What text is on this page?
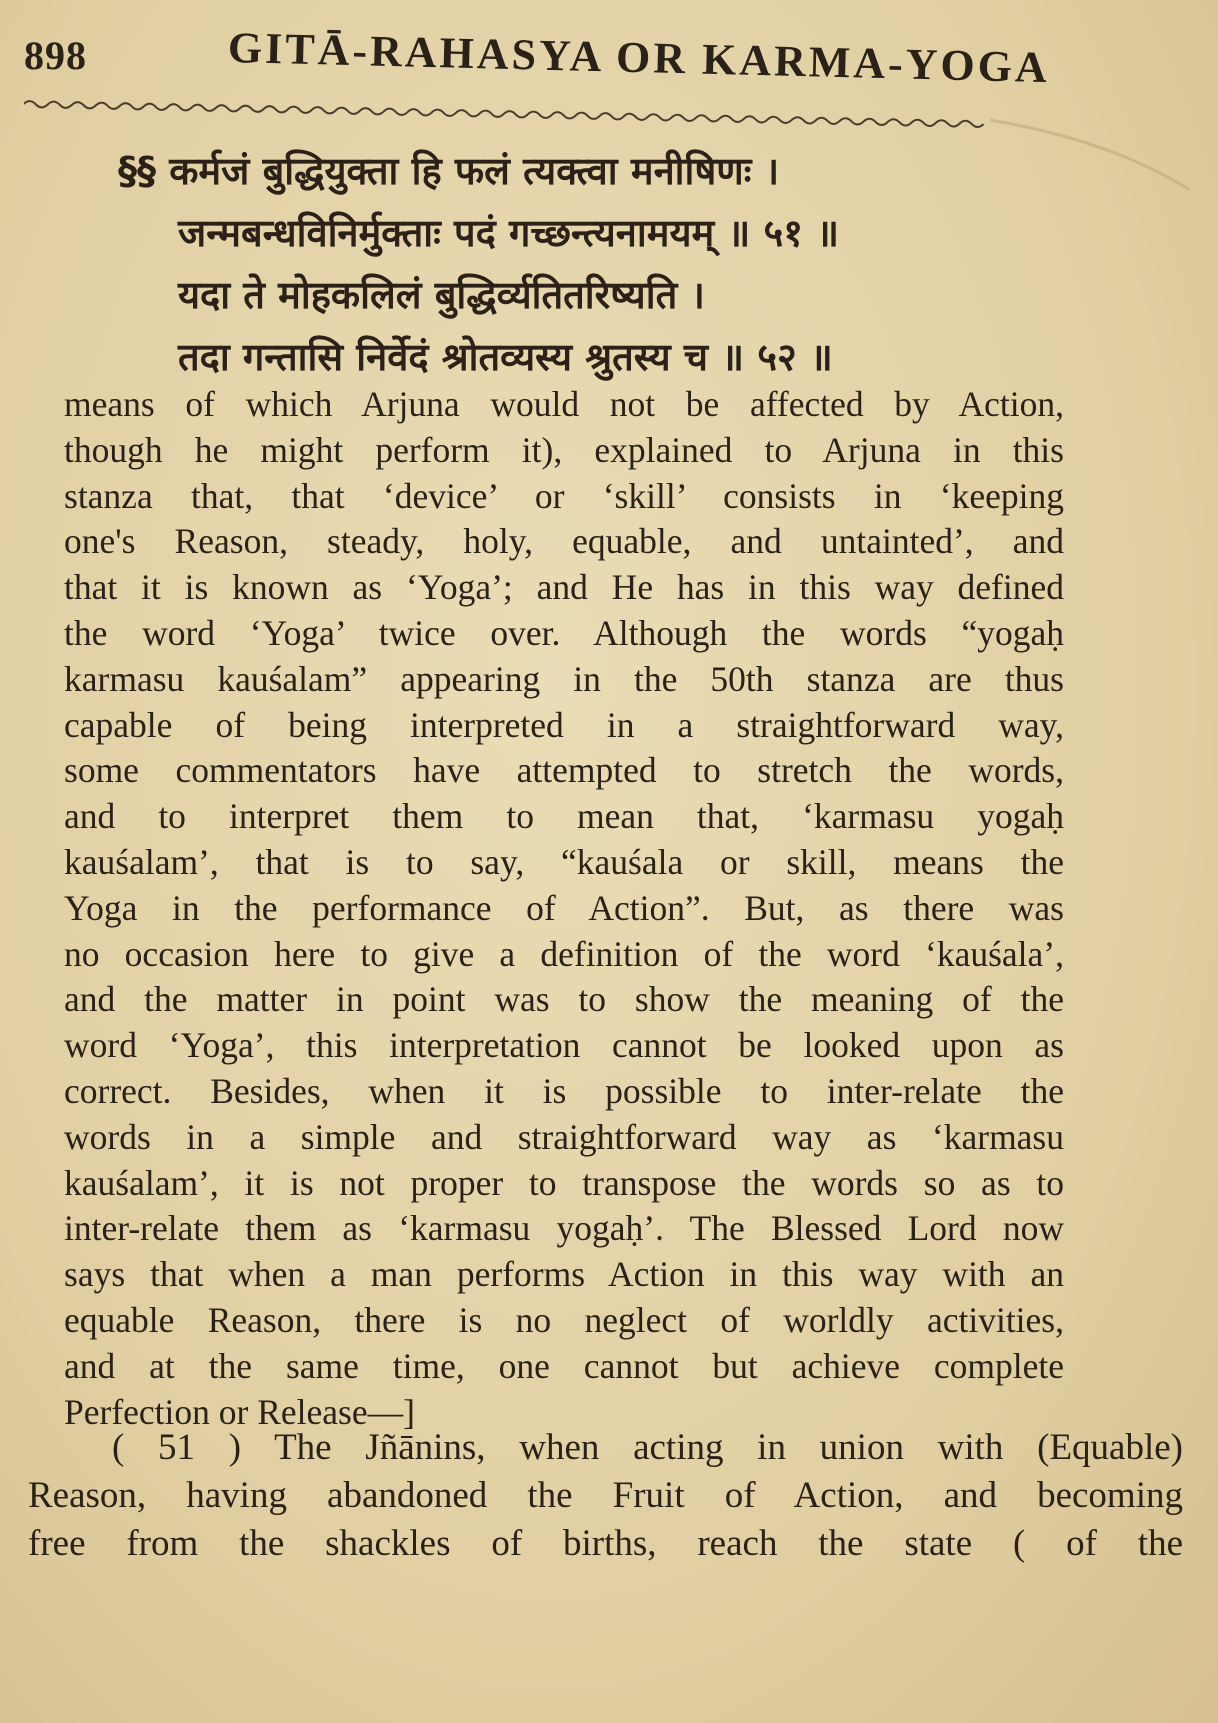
898	GITĀ-RAHASYA OR KARMA-YOGA
§§ कर्मजं बुद्धियुक्ता हि फलं त्यक्त्वा मनीषिणः ।
जन्मबन्धविनिर्मुक्ताः पदं गच्छन्त्यनामयम् ॥ ५१ ॥
यदा ते मोहकलिलं बुद्धिर्व्यतितरिष्यति ।
तदा गन्तासि निर्वेदं श्रोतव्यस्य श्रुतस्य च ॥ ५२ ॥
means of which Arjuna would not be affected by Action,
though he might perform it), explained to Arjuna in this
stanza that, that ‘device’ or ‘skill’ consists in ‘keeping
one's Reason, steady, holy, equable, and untainted’, and
that it is known as ‘Yoga’; and He has in this way defined
the word ‘Yoga’ twice over. Although the words “yogaḥ
karmasu kauśalam” appearing in the 50th stanza are thus
capable of being interpreted in a straightforward way,
some commentators have attempted to stretch the words,
and to interpret them to mean that, ‘karmasu yogaḥ
kauśalam’, that is to say, “kauśala or skill, means the
Yoga in the performance of Action”. But, as there was
no occasion here to give a definition of the word ‘kauśala’,
and the matter in point was to show the meaning of the
word ‘Yoga’, this interpretation cannot be looked upon as
correct. Besides, when it is possible to inter-relate the
words in a simple and straightforward way as ‘karmasu
kauśalam’, it is not proper to transpose the words so as to
inter-relate them as ‘karmasu yogaḥ’. The Blessed Lord now
says that when a man performs Action in this way with an
equable Reason, there is no neglect of worldly activities,
and at the same time, one cannot but achieve complete
Perfection or Release—]
( 51 ) The Jñānins, when acting in union with (Equable)
Reason, having abandoned the Fruit of Action, and becoming
free from the shackles of births, reach the state ( of the
